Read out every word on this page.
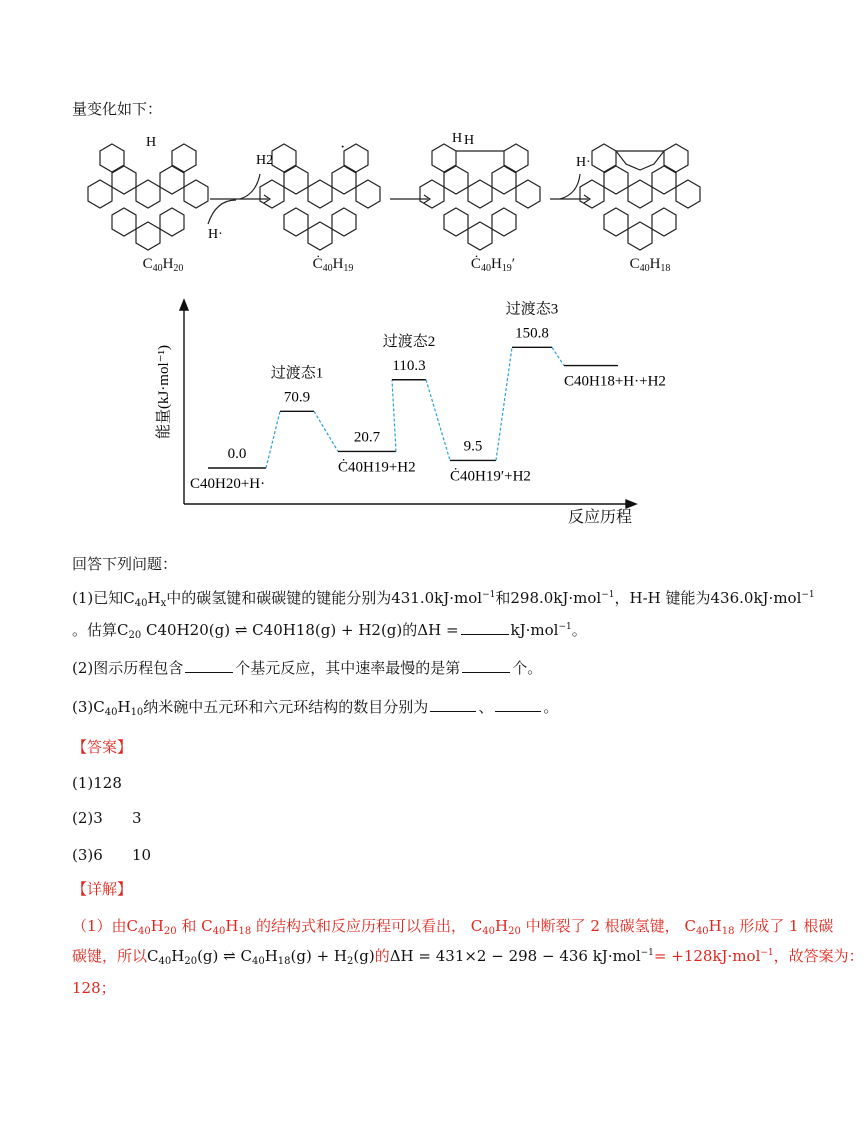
量变化如下：
H
H2
H·
·
H H
H·
$C_{40}H_{20}$	$Ċ_{40}H_{19}$	$Ċ_{40}H_{19}'$	$C_{40}H_{18}$
能量(kJ·mol⁻¹)
0.0
C40H20+H·
70.9
过渡态1
20.7
Ċ40H19+H2
110.3
过渡态2
9.5
Ċ40H19′+H2
150.8
过渡态3
C40H18+H·+H2
反应历程
回答下列问题：
(1)已知$C_{40}H_x$中的碳氢键和碳碳键的键能分别为431.0kJ·mol$^{-1}$和298.0kJ·mol$^{-1}$，H-H 键能为436.0kJ·mol$^{-1}$
。估算$C_{20}$ C40H20(g) ⇌ C40H18(g) + H2(g)的ΔH =	kJ·mol$^{-1}$。
(2)图示历程包含	个基元反应，其中速率最慢的是第	个。
$(3)C_{40}H_{10}$纳米碗中五元环和六元环结构的数目分别为	、	。
【答案】
(1)128
(2)3 3
(3)6 10
【详解】
（1）由$C_{40}H_{20}$ 和 $C_{40}H_{18}$ 的结构式和反应历程可以看出， $C_{40}H_{20}$ 中断裂了 2 根碳氢键， $C_{40}H_{18}$ 形成了 1 根碳
碳键，所以$C_{40}H_{20}(g)$ ⇌ $C_{40}H_{18}(g) + H_2(g)$的ΔH = 431×2 − 298 − 436 kJ·mol$^{-1}$= +128kJ·mol$^{-1}$，故答案为：
128；
